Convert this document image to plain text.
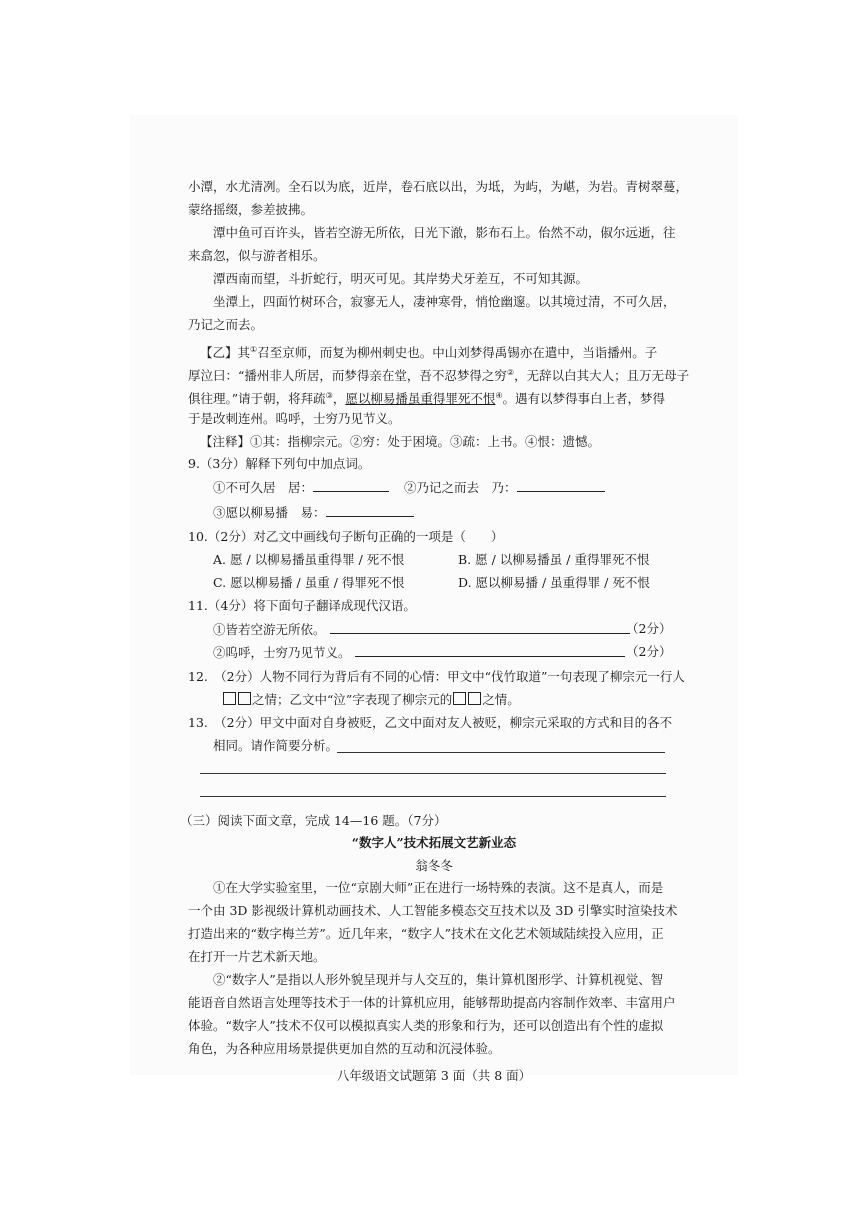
小潭，水尤清冽。全石以为底，近岸，卷石底以出，为坻，为屿，为嵁，为岩。青树翠蔓，
蒙络摇缀，参差披拂。
潭中鱼可百许头，皆若空游无所依，日光下澈，影布石上。佁然不动，俶尔远逝，往
来翕忽，似与游者相乐。
潭西南而望，斗折蛇行，明灭可见。其岸势犬牙差互，不可知其源。
坐潭上，四面竹树环合，寂寥无人，凄神寒骨，悄怆幽邃。以其境过清，不可久居，
乃记之而去。
【乙】其①召至京师，而复为柳州刺史也。中山刘梦得禹锡亦在遣中，当诣播州。子
厚泣曰：“播州非人所居，而梦得亲在堂，吾不忍梦得之穷②，无辞以白其大人；且万无母子
俱往理。”请于朝，将拜疏③，愿以柳易播虽重得罪死不恨④。遇有以梦得事白上者，梦得
于是改刺连州。呜呼，士穷乃见节义。
【注释】①其：指柳宗元。②穷：处于困境。③疏：上书。④恨：遗憾。
9.（3分）解释下列句中加点词。
①不可久居　居：	②乃记之而去　乃：
③愿以柳易播　易：
10.（2分）对乙文中画线句子断句正确的一项是（　　）
A. 愿 / 以柳易播虽重得罪 / 死不恨	B. 愿 / 以柳易播虽 / 重得罪死不恨
C. 愿以柳易播 / 虽重 / 得罪死不恨	D. 愿以柳易播 / 虽重得罪 / 死不恨
11.（4分）将下面句子翻译成现代汉语。
①皆若空游无所依。	（2分）
②呜呼，士穷乃见节义。	（2分）
12.　（2分）人物不同行为背后有不同的心情：甲文中“伐竹取道”一句表现了柳宗元一行人
之情；乙文中“泣”字表现了柳宗元的 之情。
13.　（2分）甲文中面对自身被贬，乙文中面对友人被贬，柳宗元采取的方式和目的各不
相同。请作简要分析。
（三）阅读下面文章，完成 14—16 题。（7分）
“数字人”技术拓展文艺新业态
翁冬冬
①在大学实验室里，一位“京剧大师”正在进行一场特殊的表演。这不是真人，而是
一个由 3D 影视级计算机动画技术、人工智能多模态交互技术以及 3D 引擎实时渲染技术
打造出来的“数字梅兰芳”。近几年来，“数字人”技术在文化艺术领域陆续投入应用，正
在打开一片艺术新天地。
②“数字人”是指以人形外貌呈现并与人交互的，集计算机图形学、计算机视觉、智
能语音自然语言处理等技术于一体的计算机应用，能够帮助提高内容制作效率、丰富用户
体验。“数字人”技术不仅可以模拟真实人类的形象和行为，还可以创造出有个性的虚拟
角色，为各种应用场景提供更加自然的互动和沉浸体验。
八年级语文试题第 3 面（共 8 面）
